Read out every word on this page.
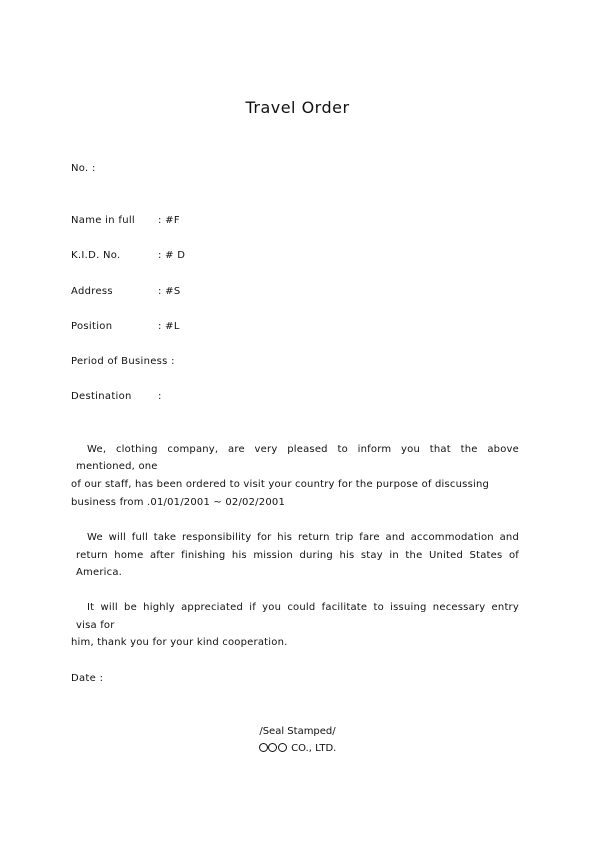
Travel Order
No. :
Name in full : #F
K.I.D. No.	: # D
Address	: #S
Position	: #L
Period of Business :
Destination	:
We, clothing company, are very pleased to inform you that the above
mentioned, one
of our staff, has been ordered to visit your country for the purpose of discussing
business from .01/01/2001 ~ 02/02/2001
We will full take responsibility for his return trip fare and accommodation and
return home after finishing his mission during his stay in the United States of
America.
It will be highly appreciated if you could facilitate to issuing necessary entry
visa for
him, thank you for your kind cooperation.
Date :
/Seal Stamped/
CO., LTD.
